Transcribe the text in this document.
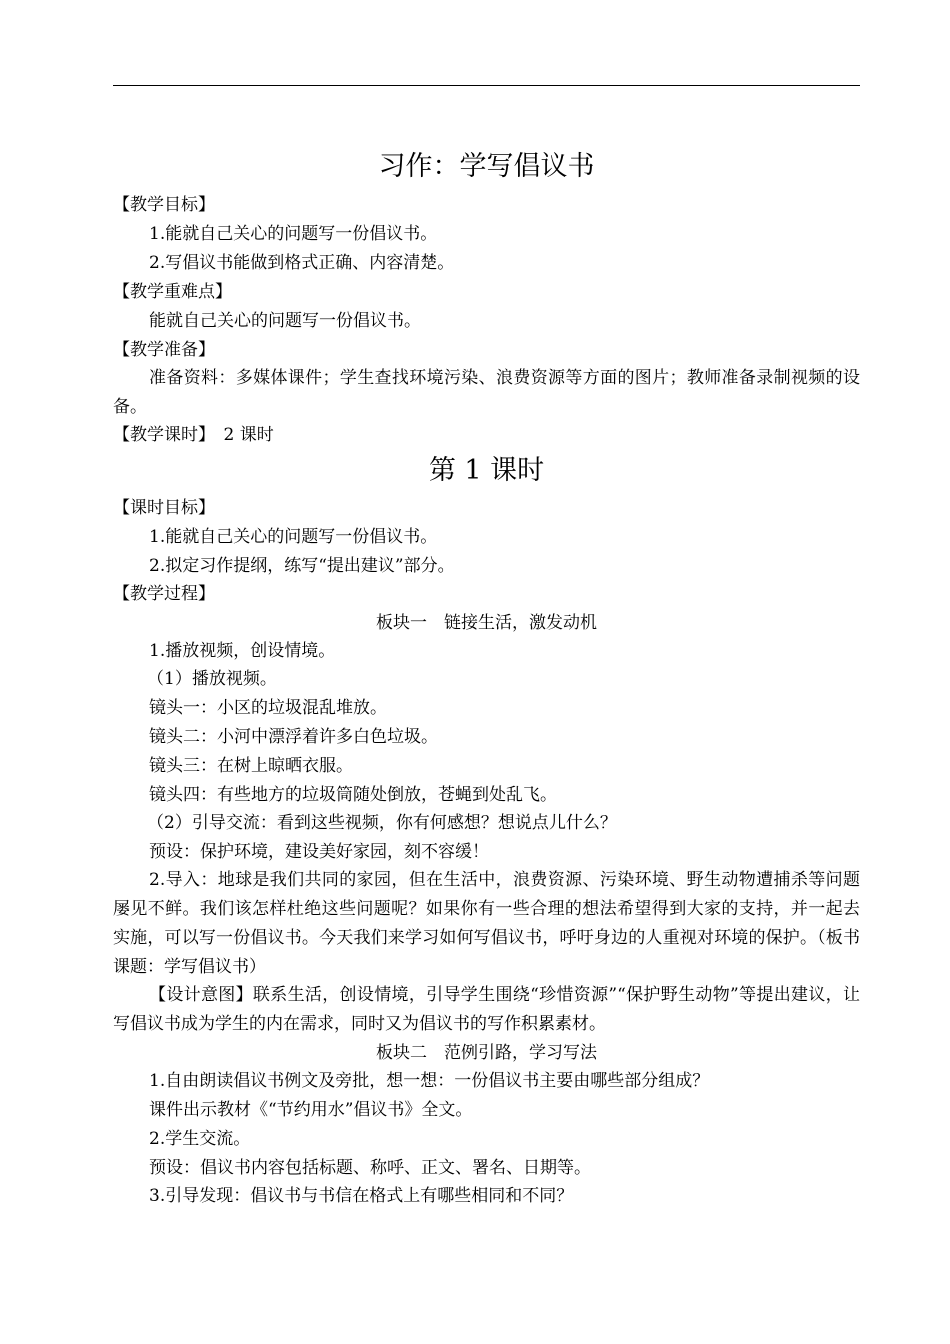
习作：学写倡议书
【教学目标】
1.能就自己关心的问题写一份倡议书。
2.写倡议书能做到格式正确、内容清楚。
【教学重难点】
能就自己关心的问题写一份倡议书。
【教学准备】
准备资料：多媒体课件；学生查找环境污染、浪费资源等方面的图片；教师准备录制视频的设备。
【教学课时】　2 课时
第 1 课时
【课时目标】
1.能就自己关心的问题写一份倡议书。
2.拟定习作提纲，练写“提出建议”部分。
【教学过程】
板块一　链接生活，激发动机
1.播放视频，创设情境。
（1）播放视频。
镜头一：小区的垃圾混乱堆放。
镜头二：小河中漂浮着许多白色垃圾。
镜头三：在树上晾晒衣服。
镜头四：有些地方的垃圾筒随处倒放，苍蝇到处乱飞。
（2）引导交流：看到这些视频，你有何感想？想说点儿什么？
预设：保护环境，建设美好家园，刻不容缓！
2.导入：地球是我们共同的家园，但在生活中，浪费资源、污染环境、野生动物遭捕杀等问题屡见不鲜。我们该怎样杜绝这些问题呢？如果你有一些合理的想法希望得到大家的支持，并一起去实施，可以写一份倡议书。今天我们来学习如何写倡议书，呼吁身边的人重视对环境的保护。（板书课题：学写倡议书）
【设计意图】联系生活，创设情境，引导学生围绕“珍惜资源”“保护野生动物”等提出建议，让写倡议书成为学生的内在需求，同时又为倡议书的写作积累素材。
板块二　范例引路，学习写法
1.自由朗读倡议书例文及旁批，想一想：一份倡议书主要由哪些部分组成？
课件出示教材《“节约用水”倡议书》全文。
2.学生交流。
预设：倡议书内容包括标题、称呼、正文、署名、日期等。
3.引导发现：倡议书与书信在格式上有哪些相同和不同？
